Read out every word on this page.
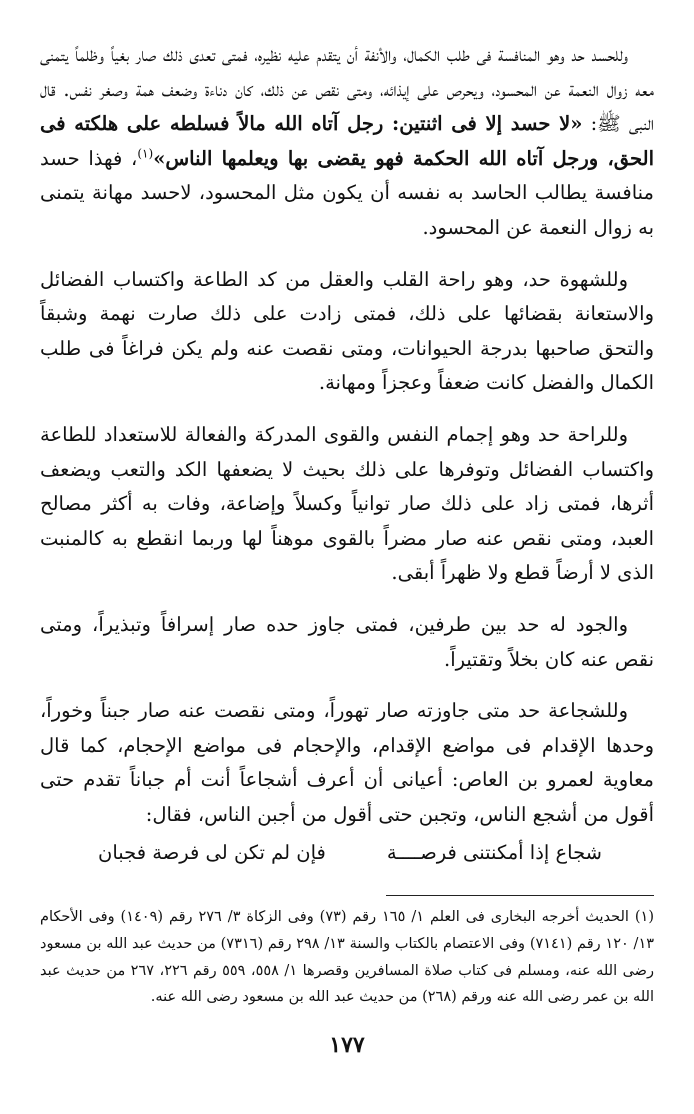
وللحسد حد وهو المنافسة فى طلب الكمال، والأنفة أن يتقدم عليه نظيره، فمتى تعدى ذلك صار بغياً وظلماً يتمنى معه زوال النعمة عن المحسود، ويحرص على إيذائه، ومتى نقص عن ذلك، كان دناءة وضعف همة وصغر نفس. قال النبى ﷺ: «لا حسد إلا فى اثنتين: رجل آتاه الله مالاً فسلطه على هلكته فى الحق، ورجل آتاه الله الحكمة فهو يقضى بها ويعلمها الناس»$^{(١)}$، فهذا حسد منافسة يطالب الحاسد به نفسه أن يكون مثل المحسود، لاحسد مهانة يتمنى به زوال النعمة عن المحسود.

وللشهوة حد، وهو راحة القلب والعقل من كد الطاعة واكتساب الفضائل والاستعانة بقضائها على ذلك، فمتى زادت على ذلك صارت نهمة وشبقاً والتحق صاحبها بدرجة الحيوانات، ومتى نقصت عنه ولم يكن فراغاً فى طلب الكمال والفضل كانت ضعفاً وعجزاً ومهانة.

وللراحة حد وهو إجمام النفس والقوى المدركة والفعالة للاستعداد للطاعة واكتساب الفضائل وتوفرها على ذلك بحيث لا يضعفها الكد والتعب ويضعف أثرها، فمتى زاد على ذلك صار توانياً وكسلاً وإضاعة، وفات به أكثر مصالح العبد، ومتى نقص عنه صار مضراً بالقوى موهناً لها وربما انقطع به كالمنبت الذى لا أرضاً قطع ولا ظهراً أبقى.

والجود له حد بين طرفين، فمتى جاوز حده صار إسرافاً وتبذيراً، ومتى نقص عنه كان بخلاً وتقتيراً.

وللشجاعة حد متى جاوزته صار تهوراً، ومتى نقصت عنه صار جبناً وخوراً، وحدها الإقدام فى مواضع الإقدام، والإحجام فى مواضع الإحجام، كما قال معاوية لعمرو بن العاص: أعيانى أن أعرف أشجاعاً أنت أم جباناً تقدم حتى أقول من أشجع الناس، وتجبن حتى أقول من أجبن الناس، فقال:

شجاع إذا أمكنتنى فرصــــة
فإن لم تكن لى فرصة فجبان

(١) الحديث أخرجه البخارى فى العلم ١/ ١٦٥ رقم (٧٣) وفى الزكاة ٣/ ٢٧٦ رقم (١٤٠٩) وفى الأحكام ١٣/ ١٢٠ رقم (٧١٤١) وفى الاعتصام بالكتاب والسنة ١٣/ ٢٩٨ رقم (٧٣١٦) من حديث عبد الله بن مسعود رضى الله عنه، ومسلم فى كتاب صلاة المسافرين وقصرها ١/ ٥٥٨، ٥٥٩ رقم ٢٢٦، ٢٦٧ من حديث عبد الله بن عمر رضى الله عنه ورقم (٢٦٨) من حديث عبد الله بن مسعود رضى الله عنه.

١٧٧
